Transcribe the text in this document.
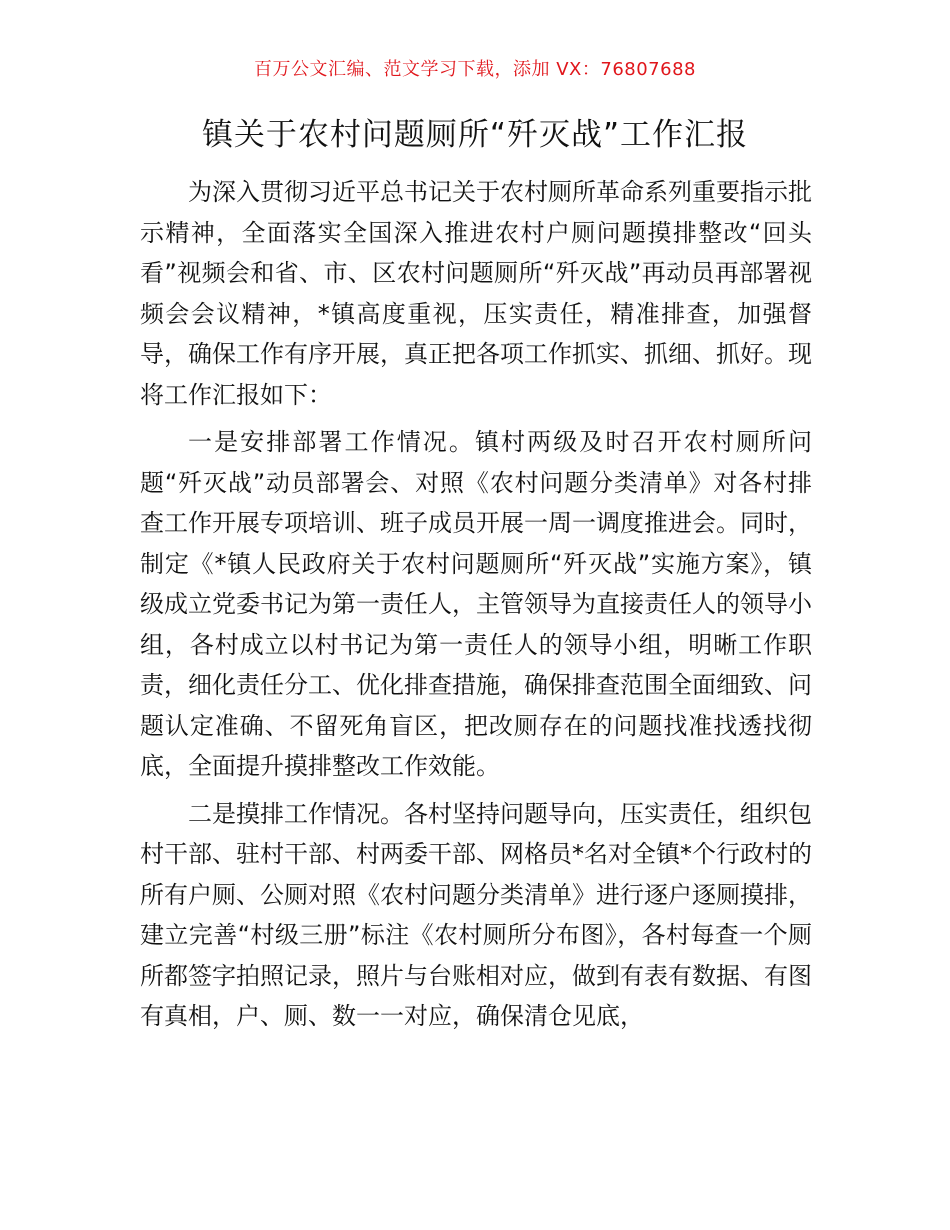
百万公文汇编、范文学习下载，添加 VX：76807688
镇关于农村问题厕所“歼灭战”工作汇报

为深入贯彻习近平总书记关于农村厕所革命系列重要指示批示精神，全面落实全国深入推进农村户厕问题摸排整改“回头看”视频会和省、市、区农村问题厕所“歼灭战”再动员再部署视频会会议精神，*镇高度重视，压实责任，精准排查，加强督导，确保工作有序开展，真正把各项工作抓实、抓细、抓好。现将工作汇报如下：

一是安排部署工作情况。镇村两级及时召开农村厕所问题“歼灭战”动员部署会、对照《农村问题分类清单》对各村排查工作开展专项培训、班子成员开展一周一调度推进会。同时，制定《*镇人民政府关于农村问题厕所“歼灭战”实施方案》，镇级成立党委书记为第一责任人，主管领导为直接责任人的领导小组，各村成立以村书记为第一责任人的领导小组，明晰工作职责，细化责任分工、优化排查措施，确保排查范围全面细致、问题认定准确、不留死角盲区，把改厕存在的问题找准找透找彻底，全面提升摸排整改工作效能。

二是摸排工作情况。各村坚持问题导向，压实责任，组织包村干部、驻村干部、村两委干部、网格员*名对全镇*个行政村的所有户厕、公厕对照《农村问题分类清单》进行逐户逐厕摸排，建立完善“村级三册”标注《农村厕所分布图》，各村每查一个厕所都签字拍照记录，照片与台账相对应，做到有表有数据、有图有真相，户、厕、数一一对应，确保清仓见底，
